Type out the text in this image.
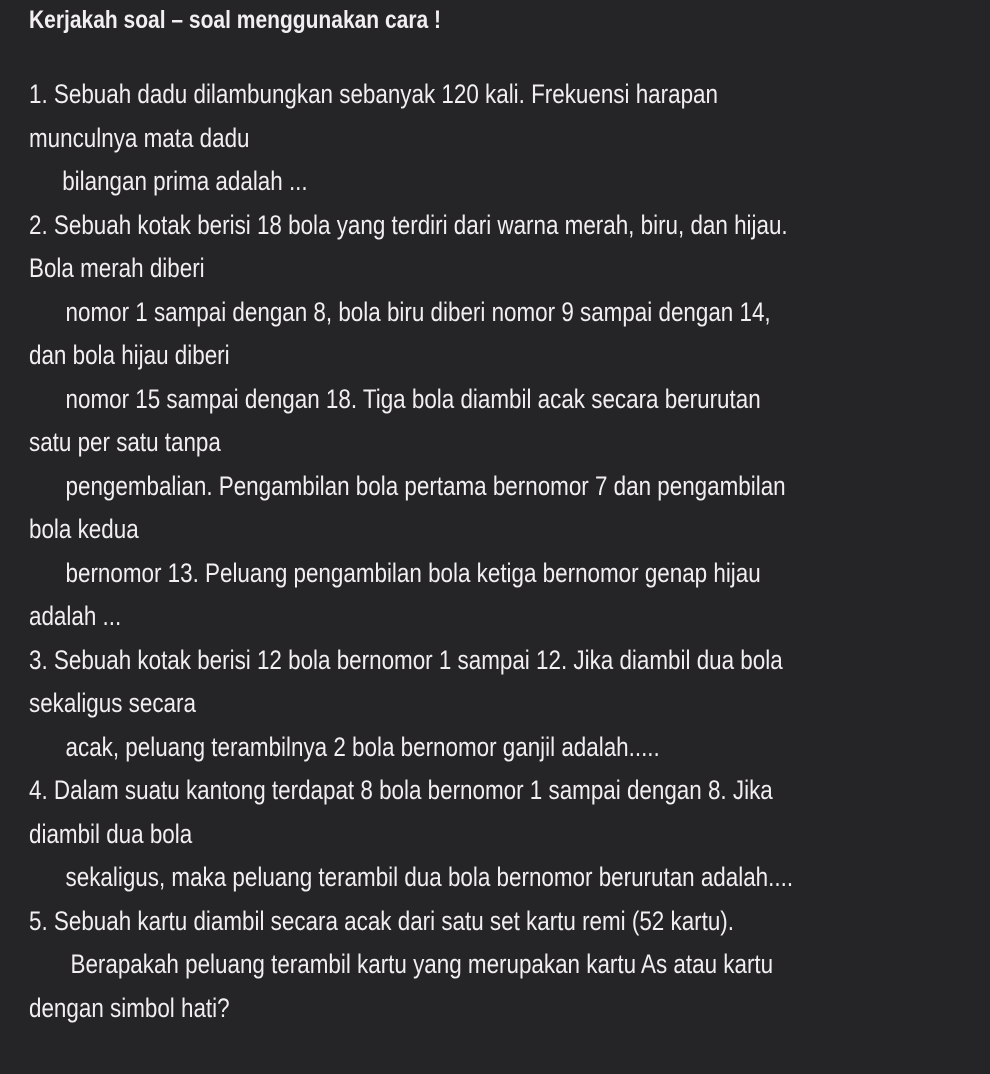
Kerjakah soal – soal menggunakan cara !
1. Sebuah dadu dilambungkan sebanyak 120 kali. Frekuensi harapan
munculnya mata dadu
bilangan prima adalah ...
2. Sebuah kotak berisi 18 bola yang terdiri dari warna merah, biru, dan hijau.
Bola merah diberi
nomor 1 sampai dengan 8, bola biru diberi nomor 9 sampai dengan 14,
dan bola hijau diberi
nomor 15 sampai dengan 18. Tiga bola diambil acak secara berurutan
satu per satu tanpa
pengembalian. Pengambilan bola pertama bernomor 7 dan pengambilan
bola kedua
bernomor 13. Peluang pengambilan bola ketiga bernomor genap hijau
adalah ...
3. Sebuah kotak berisi 12 bola bernomor 1 sampai 12. Jika diambil dua bola
sekaligus secara
acak, peluang terambilnya 2 bola bernomor ganjil adalah.....
4. Dalam suatu kantong terdapat 8 bola bernomor 1 sampai dengan 8. Jika
diambil dua bola
sekaligus, maka peluang terambil dua bola bernomor berurutan adalah....
5. Sebuah kartu diambil secara acak dari satu set kartu remi (52 kartu).
Berapakah peluang terambil kartu yang merupakan kartu As atau kartu
dengan simbol hati?
